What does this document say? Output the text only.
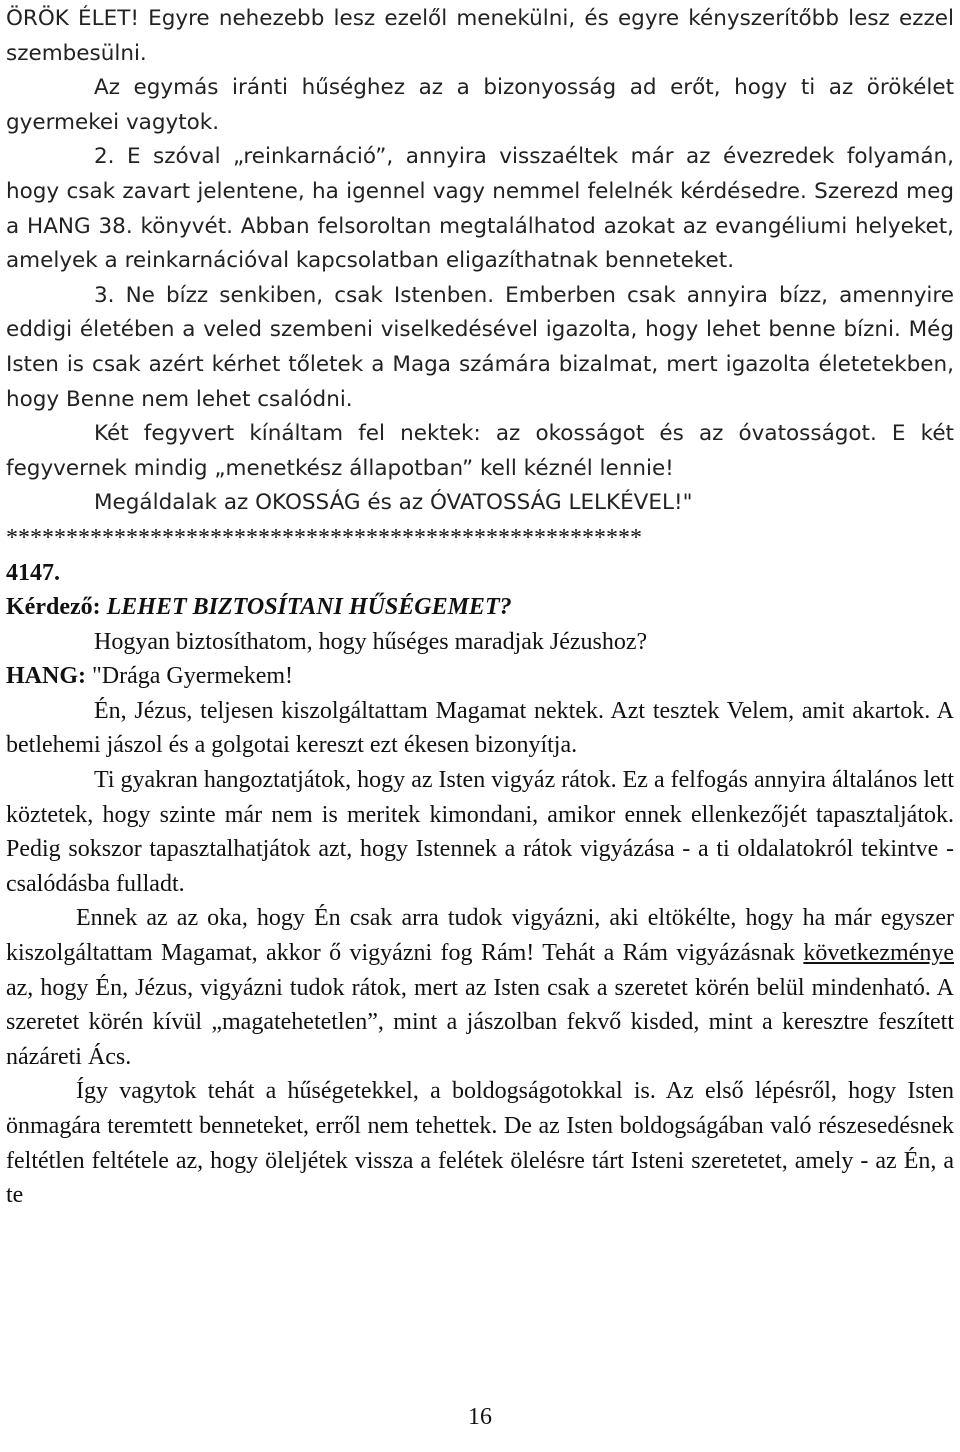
ÖRÖK ÉLET! Egyre nehezebb lesz ezelől menekülni, és egyre kényszerítőbb lesz ezzel szembesülni.

Az egymás iránti hűséghez az a bizonyosság ad erőt, hogy ti az örökélet gyermekei vagytok.

2. E szóval „reinkarnáció”, annyira visszaéltek már az évezredek folyamán, hogy csak zavart jelentene, ha igennel vagy nemmel felelnék kérdésedre. Szerezd meg a HANG 38. könyvét. Abban felsoroltan megtalálhatod azokat az evangéliumi helyeket, amelyek a reinkarnációval kapcsolatban eligazíthatnak benneteket.

3. Ne bízz senkiben, csak Istenben. Emberben csak annyira bízz, amennyire eddigi életében a veled szembeni viselkedésével igazolta, hogy lehet benne bízni. Még Isten is csak azért kérhet tőletek a Maga számára bizalmat, mert igazolta életetekben, hogy Benne nem lehet csalódni.

Két fegyvert kínáltam fel nektek: az okosságot és az óvatosságot. E két fegyvernek mindig „menetkész állapotban” kell kéznél lennie!

Megáldalak az OKOSSÁG és az ÓVATOSSÁG LELKÉVEL!"

*****************************************************

4147.

Kérdező: LEHET BIZTOSÍTANI HŰSÉGEMET?

Hogyan biztosíthatom, hogy hűséges maradjak Jézushoz?

HANG: "Drága Gyermekem!

Én, Jézus, teljesen kiszolgáltattam Magamat nektek. Azt tesztek Velem, amit akartok. A betlehemi jászol és a golgotai kereszt ezt ékesen bizonyítja.

Ti gyakran hangoztatjátok, hogy az Isten vigyáz rátok. Ez a felfogás annyira általános lett köztetek, hogy szinte már nem is meritek kimondani, amikor ennek ellenkezőjét tapasztaljátok. Pedig sokszor tapasztalhatjátok azt, hogy Istennek a rátok vigyázása - a ti oldalatokról tekintve - csalódásba fulladt.

Ennek az az oka, hogy Én csak arra tudok vigyázni, aki eltökélte, hogy ha már egyszer kiszolgáltattam Magamat, akkor ő vigyázni fog Rám! Tehát a Rám vigyázásnak következménye az, hogy Én, Jézus, vigyázni tudok rátok, mert az Isten csak a szeretet körén belül mindenható. A szeretet körén kívül „magatehetetlen”, mint a jászolban fekvő kisded, mint a keresztre feszített názáreti Ács.

Így vagytok tehát a hűségetekkel, a boldogságotokkal is. Az első lépésről, hogy Isten önmagára teremtett benneteket, erről nem tehettek. De az Isten boldogságában való részesedésnek feltétlen feltétele az, hogy öleljétek vissza a felétek ölelésre tárt Isteni szeretetet, amely - az Én, a te

16
